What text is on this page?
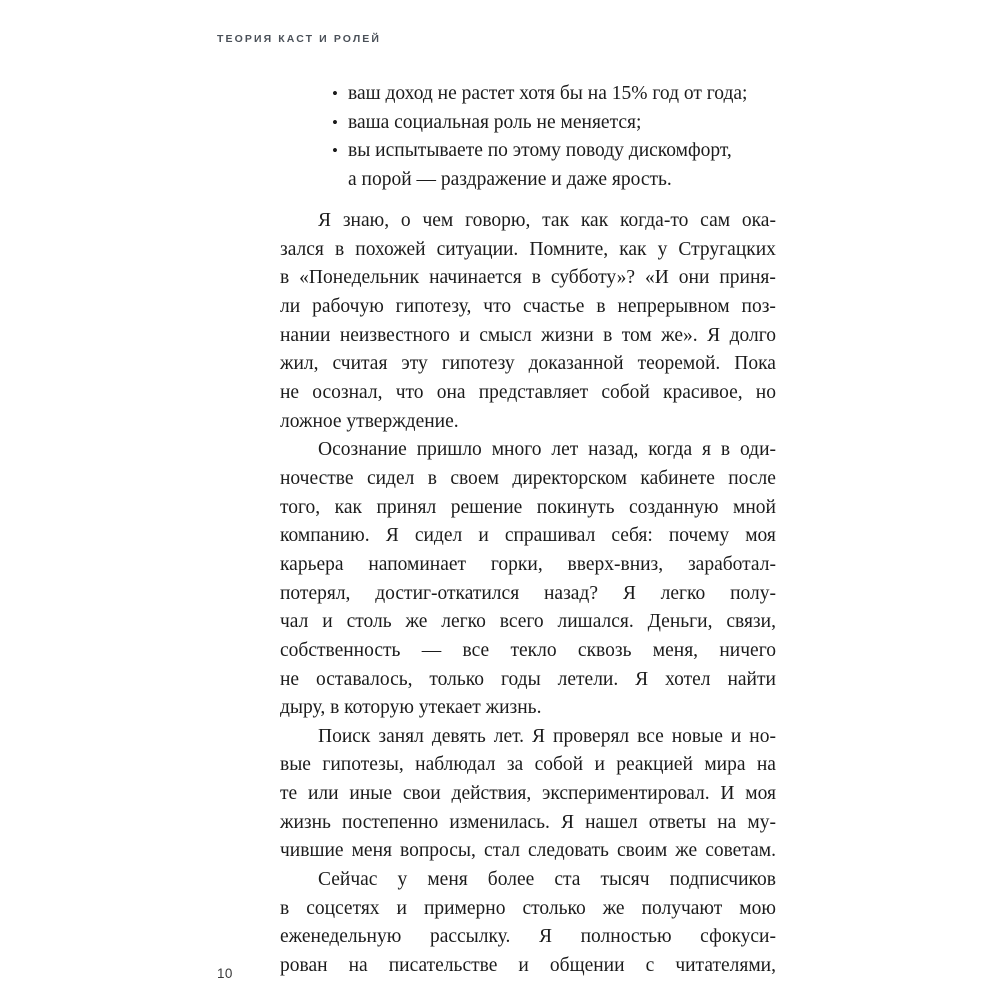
ТЕОРИЯ КАСТ И РОЛЕЙ
• ваш доход не растет хотя бы на 15% год от года;
• ваша социальная роль не меняется;
• вы испытываете по этому поводу дискомфорт,
а порой — раздражение и даже ярость.
Я знаю, о чем говорю, так как когда-то сам ока-
зался в похожей ситуации. Помните, как у Стругацких
в «Понедельник начинается в субботу»? «И они приня-
ли рабочую гипотезу, что счастье в непрерывном поз-
нании неизвестного и смысл жизни в том же». Я долго
жил, считая эту гипотезу доказанной теоремой. Пока
не осознал, что она представляет собой красивое, но
ложное утверждение.
Осознание пришло много лет назад, когда я в оди-
ночестве сидел в своем директорском кабинете после
того, как принял решение покинуть созданную мной
компанию. Я сидел и спрашивал себя: почему моя
карьера напоминает горки, вверх-вниз, заработал-
потерял, достиг-откатился назад? Я легко полу-
чал и столь же легко всего лишался. Деньги, связи,
собственность — все текло сквозь меня, ничего
не оставалось, только годы летели. Я хотел найти
дыру, в которую утекает жизнь.
Поиск занял девять лет. Я проверял все новые и но-
вые гипотезы, наблюдал за собой и реакцией мира на
те или иные свои действия, экспериментировал. И моя
жизнь постепенно изменилась. Я нашел ответы на му-
чившие меня вопросы, стал следовать своим же советам.
Сейчас у меня более ста тысяч подписчиков
в соцсетях и примерно столько же получают мою
еженедельную рассылку. Я полностью сфокуси-
рован на писательстве и общении с читателями,
10
